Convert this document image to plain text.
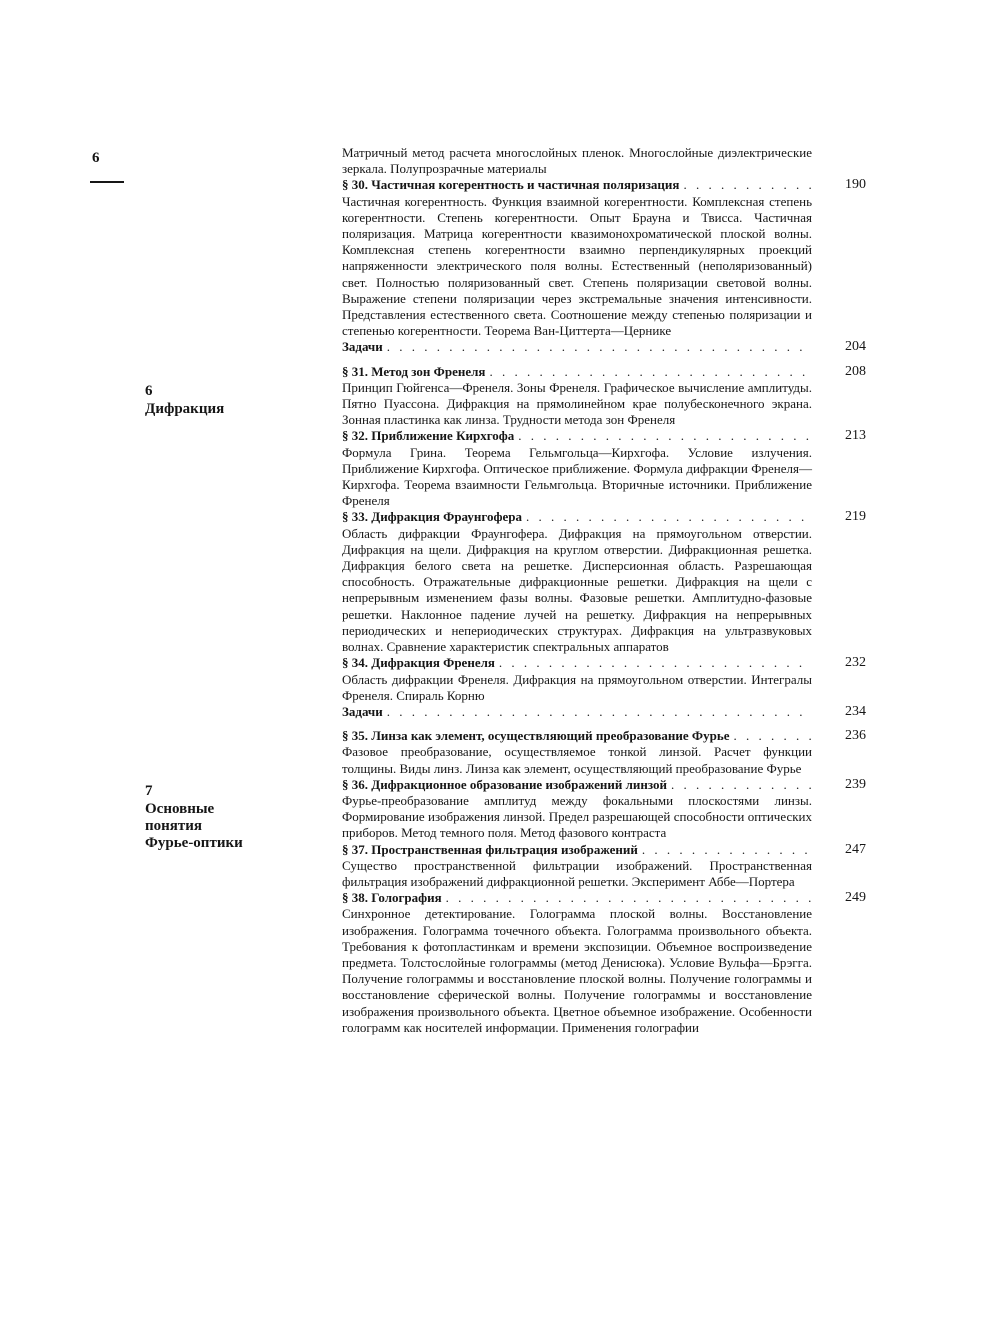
6
6
Дифракция
7
Основные
понятия
Фурье-оптики
Матричный метод расчета многослойных пленок. Многослойные диэлектрические зеркала. Полупрозрачные материалы
§ 30. Частичная когерентность и частичная поляризация . . .	190
Частичная когерентность. Функция взаимной когерентности. Комплексная степень когерентности. Степень когерентности. Опыт Брауна и Твисса. Частичная поляризация. Матрица когерентности квазимонохроматической плоской волны. Комплексная степень когерентности взаимно перпендикулярных проекций напряженности электрического поля волны. Естественный (неполяризованный) свет. Полностью поляризованный свет. Степень поляризации световой волны. Выражение степени поляризации через экстремальные значения интенсивности. Представления естественного света. Соотношение между степенью поляризации и степенью когерентности. Теорема Ван-Циттерта—Цернике
Задачи . . .	204
§ 31. Метод зон Френеля . . .	208
Принцип Гюйгенса—Френеля. Зоны Френеля. Графическое вычисление амплитуды. Пятно Пуассона. Дифракция на прямолинейном крае полубесконечного экрана. Зонная пластинка как линза. Трудности метода зон Френеля
§ 32. Приближение Кирхгофа . . .	213
Формула Грина. Теорема Гельмгольца—Кирхгофа. Условие излучения. Приближение Кирхгофа. Оптическое приближение. Формула дифракции Френеля—Кирхгофа. Теорема взаимности Гельмгольца. Вторичные источники. Приближение Френеля
§ 33. Дифракция Фраунгофера . . .	219
Область дифракции Фраунгофера. Дифракция на прямоугольном отверстии. Дифракция на щели. Дифракция на круглом отверстии. Дифракционная решетка. Дифракция белого света на решетке. Дисперсионная область. Разрешающая способность. Отражательные дифракционные решетки. Дифракция на щели с непрерывным изменением фазы волны. Фазовые решетки. Амплитудно-фазовые решетки. Наклонное падение лучей на решетку. Дифракция на непрерывных периодических и непериодических структурах. Дифракция на ультразвуковых волнах. Сравнение характеристик спектральных аппаратов
§ 34. Дифракция Френеля . . .	232
Область дифракции Френеля. Дифракция на прямоугольном отверстии. Интегралы Френеля. Спираль Корню
Задачи . . .	234
§ 35. Линза как элемент, осуществляющий преобразование Фурье . . .	236
Фазовое преобразование, осуществляемое тонкой линзой. Расчет функции толщины. Виды линз. Линза как элемент, осуществляющий преобразование Фурье
§ 36. Дифракционное образование изображений линзой . . .	239
Фурье-преобразование амплитуд между фокальными плоскостями линзы. Формирование изображения линзой. Предел разрешающей способности оптических приборов. Метод темного поля. Метод фазового контраста
§ 37. Пространственная фильтрация изображений . . .	247
Существо пространственной фильтрации изображений. Пространственная фильтрация изображений дифракционной решетки. Эксперимент Аббе—Портера
§ 38. Голография . . .	249
Синхронное детектирование. Голограмма плоской волны. Восстановление изображения. Голограмма точечного объекта. Голограмма произвольного объекта. Требования к фотопластинкам и времени экспозиции. Объемное воспроизведение предмета. Толстослойные голограммы (метод Денисюка). Условие Вульфа—Брэгга. Получение голограммы и восстановление плоской волны. Получение голограммы и восстановление сферической волны. Получение голограммы и восстановление изображения произвольного объекта. Цветное объемное изображение. Особенности голограмм как носителей информации. Применения голографии
